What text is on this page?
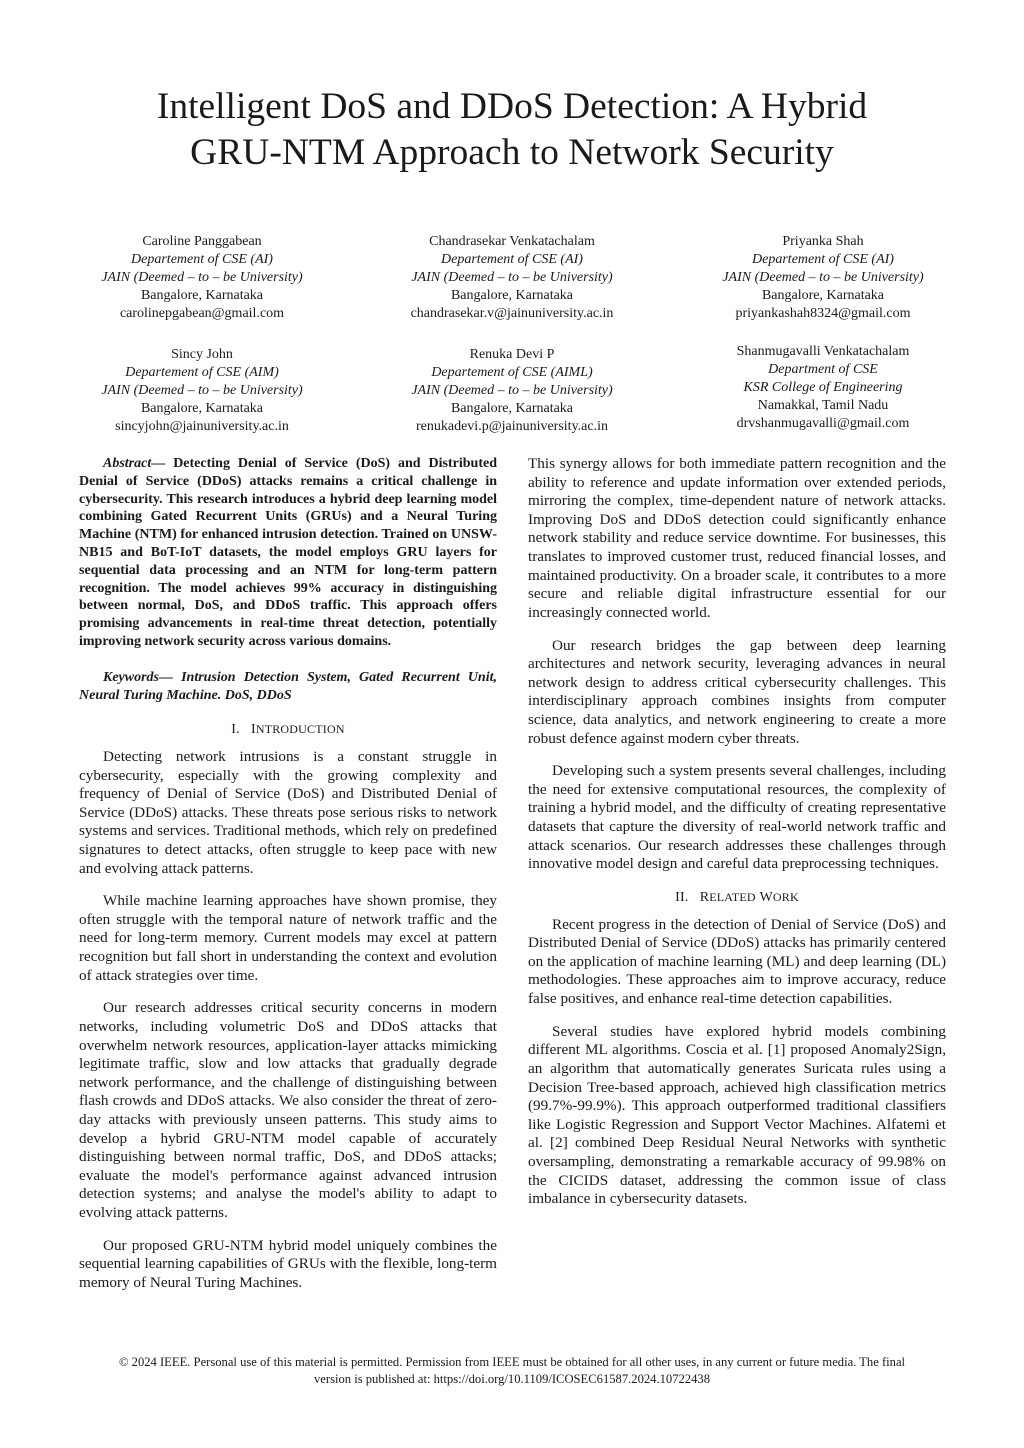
Intelligent DoS and DDoS Detection: A Hybrid
GRU-NTM Approach to Network Security
Caroline Panggabean
Departement of CSE (AI)
JAIN (Deemed – to – be University)
Bangalore, Karnataka
carolinepgabean@gmail.com
Chandrasekar Venkatachalam
Departement of CSE (AI)
JAIN (Deemed – to – be University)
Bangalore, Karnataka
chandrasekar.v@jainuniversity.ac.in
Priyanka Shah
Departement of CSE (AI)
JAIN (Deemed – to – be University)
Bangalore, Karnataka
priyankashah8324@gmail.com
Sincy John
Departement of CSE (AIM)
JAIN (Deemed – to – be University)
Bangalore, Karnataka
sincyjohn@jainuniversity.ac.in
Renuka Devi P
Departement of CSE (AIML)
JAIN (Deemed – to – be University)
Bangalore, Karnataka
renukadevi.p@jainuniversity.ac.in
Shanmugavalli Venkatachalam
Department of CSE
KSR College of Engineering
Namakkal, Tamil Nadu
drvshanmugavalli@gmail.com

Abstract— Detecting Denial of Service (DoS) and Distributed Denial of Service (DDoS) attacks remains a critical challenge in cybersecurity. This research introduces a hybrid deep learning model combining Gated Recurrent Units (GRUs) and a Neural Turing Machine (NTM) for enhanced intrusion detection. Trained on UNSW-NB15 and BoT-IoT datasets, the model employs GRU layers for sequential data processing and an NTM for long-term pattern recognition. The model achieves 99% accuracy in distinguishing between normal, DoS, and DDoS traffic. This approach offers promising advancements in real-time threat detection, potentially improving network security across various domains.

Keywords— Intrusion Detection System, Gated Recurrent Unit, Neural Turing Machine. DoS, DDoS

I. INTRODUCTION

Detecting network intrusions is a constant struggle in cybersecurity, especially with the growing complexity and frequency of Denial of Service (DoS) and Distributed Denial of Service (DDoS) attacks. These threats pose serious risks to network systems and services. Traditional methods, which rely on predefined signatures to detect attacks, often struggle to keep pace with new and evolving attack patterns.

While machine learning approaches have shown promise, they often struggle with the temporal nature of network traffic and the need for long-term memory. Current models may excel at pattern recognition but fall short in understanding the context and evolution of attack strategies over time.

Our research addresses critical security concerns in modern networks, including volumetric DoS and DDoS attacks that overwhelm network resources, application-layer attacks mimicking legitimate traffic, slow and low attacks that gradually degrade network performance, and the challenge of distinguishing between flash crowds and DDoS attacks. We also consider the threat of zero-day attacks with previously unseen patterns. This study aims to develop a hybrid GRU-NTM model capable of accurately distinguishing between normal traffic, DoS, and DDoS attacks; evaluate the model's performance against advanced intrusion detection systems; and analyse the model's ability to adapt to evolving attack patterns.

Our proposed GRU-NTM hybrid model uniquely combines the sequential learning capabilities of GRUs with the flexible, long-term memory of Neural Turing Machines.

This synergy allows for both immediate pattern recognition and the ability to reference and update information over extended periods, mirroring the complex, time-dependent nature of network attacks. Improving DoS and DDoS detection could significantly enhance network stability and reduce service downtime. For businesses, this translates to improved customer trust, reduced financial losses, and maintained productivity. On a broader scale, it contributes to a more secure and reliable digital infrastructure essential for our increasingly connected world.

Our research bridges the gap between deep learning architectures and network security, leveraging advances in neural network design to address critical cybersecurity challenges. This interdisciplinary approach combines insights from computer science, data analytics, and network engineering to create a more robust defence against modern cyber threats.

Developing such a system presents several challenges, including the need for extensive computational resources, the complexity of training a hybrid model, and the difficulty of creating representative datasets that capture the diversity of real-world network traffic and attack scenarios. Our research addresses these challenges through innovative model design and careful data preprocessing techniques.

II. RELATED WORK

Recent progress in the detection of Denial of Service (DoS) and Distributed Denial of Service (DDoS) attacks has primarily centered on the application of machine learning (ML) and deep learning (DL) methodologies. These approaches aim to improve accuracy, reduce false positives, and enhance real-time detection capabilities.

Several studies have explored hybrid models combining different ML algorithms. Coscia et al. [1] proposed Anomaly2Sign, an algorithm that automatically generates Suricata rules using a Decision Tree-based approach, achieved high classification metrics (99.7%-99.9%). This approach outperformed traditional classifiers like Logistic Regression and Support Vector Machines. Alfatemi et al. [2] combined Deep Residual Neural Networks with synthetic oversampling, demonstrating a remarkable accuracy of 99.98% on the CICIDS dataset, addressing the common issue of class imbalance in cybersecurity datasets.

© 2024 IEEE. Personal use of this material is permitted. Permission from IEEE must be obtained for all other uses, in any current or future media. The final
version is published at: https://doi.org/10.1109/ICOSEC61587.2024.10722438
